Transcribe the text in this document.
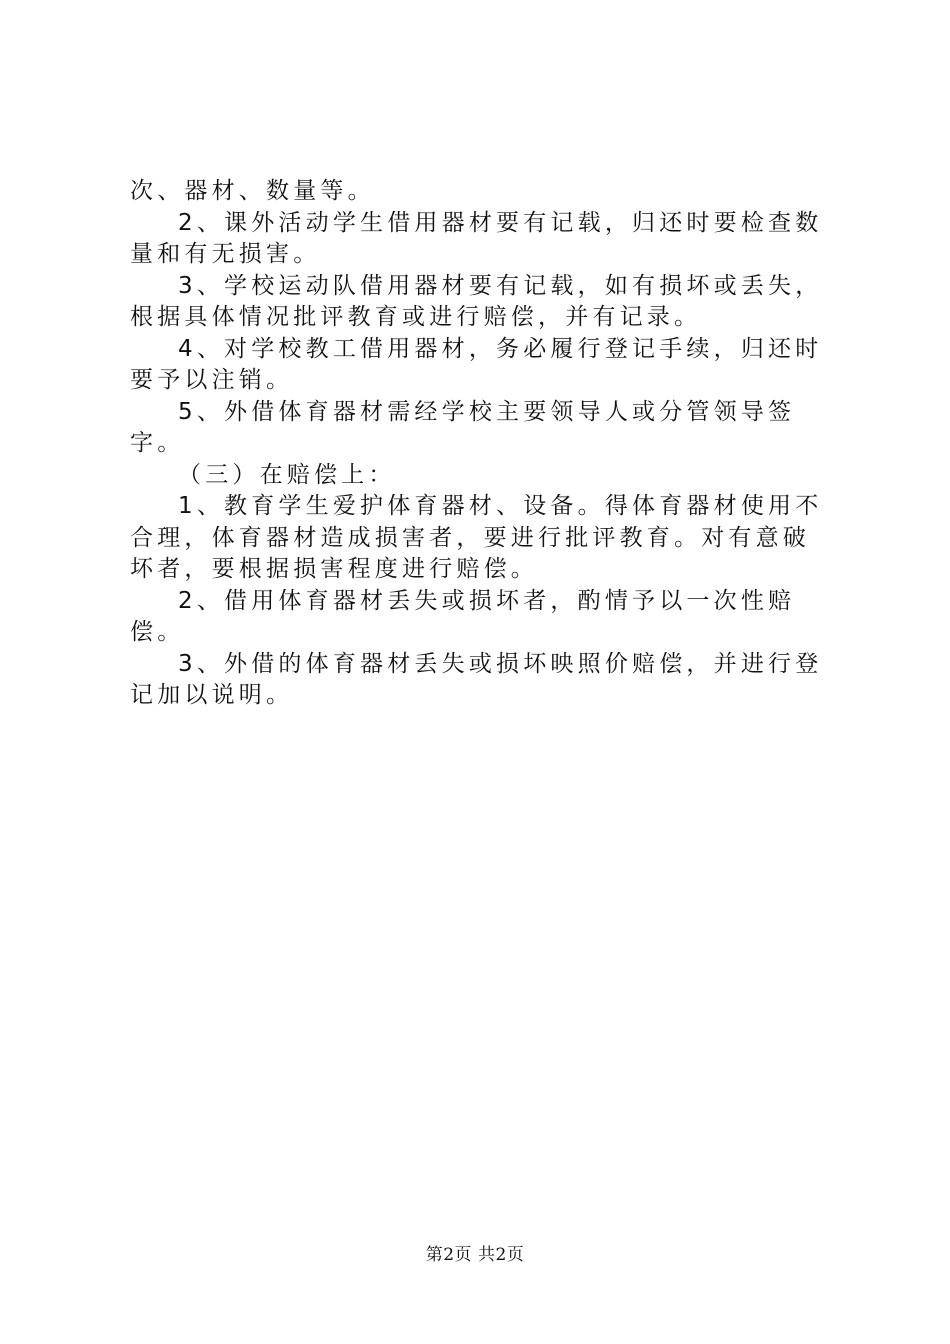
次、器材、数量等。

2、课外活动学生借用器材要有记载，归还时要检查数量和有无损害。

3、学校运动队借用器材要有记载，如有损坏或丢失，根据具体情况批评教育或进行赔偿，并有记录。

4、对学校教工借用器材，务必履行登记手续，归还时要予以注销。

5、外借体育器材需经学校主要领导人或分管领导签字。

（三）在赔偿上：

1、教育学生爱护体育器材、设备。得体育器材使用不合理，体育器材造成损害者，要进行批评教育。对有意破坏者，要根据损害程度进行赔偿。

2、借用体育器材丢失或损坏者，酌情予以一次性赔偿。

3、外借的体育器材丢失或损坏映照价赔偿，并进行登记加以说明。

第2页 共2页
